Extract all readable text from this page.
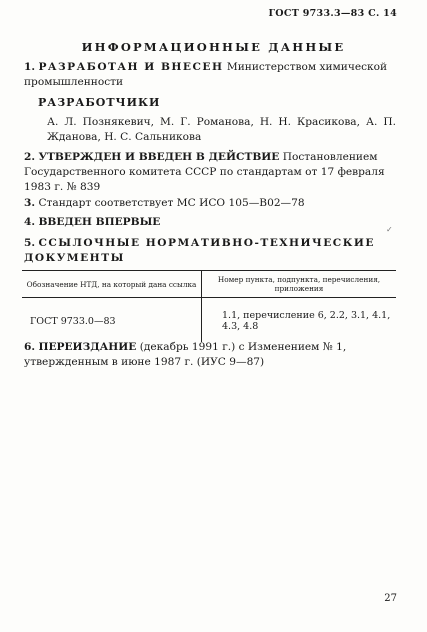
ГОСТ 9733.3—83 С. 14
ИНФОРМАЦИОННЫЕ ДАННЫЕ
1. РАЗРАБОТАН И ВНЕСЕН Министерством химической промышленности
РАЗРАБОТЧИКИ
А. Л. Познякевич, М. Г. Романова, Н. Н. Красикова, А. П. Жданова, Н. С. Сальникова
2. УТВЕРЖДЕН И ВВЕДЕН В ДЕЙСТВИЕ Постановлением Государственного комитета СССР по стандартам от 17 февраля 1983 г. № 839
3. Стандарт соответствует МС ИСО 105—В02—78
4. ВВЕДЕН ВПЕРВЫЕ
✓
5. ССЫЛОЧНЫЕ НОРМАТИВНО-ТЕХНИЧЕСКИЕ ДОКУМЕНТЫ
Обозначение НТД, на который дана ссылка	Номер пункта, подпункта, перечисления, приложения
ГОСТ 9733.0—83	1.1, перечисление 6, 2.2, 3.1, 4.1, 4.3, 4.8
6. ПЕРЕИЗДАНИЕ (декабрь 1991 г.) с Изменением № 1, утвержденным в июне 1987 г. (ИУС 9—87)
27
